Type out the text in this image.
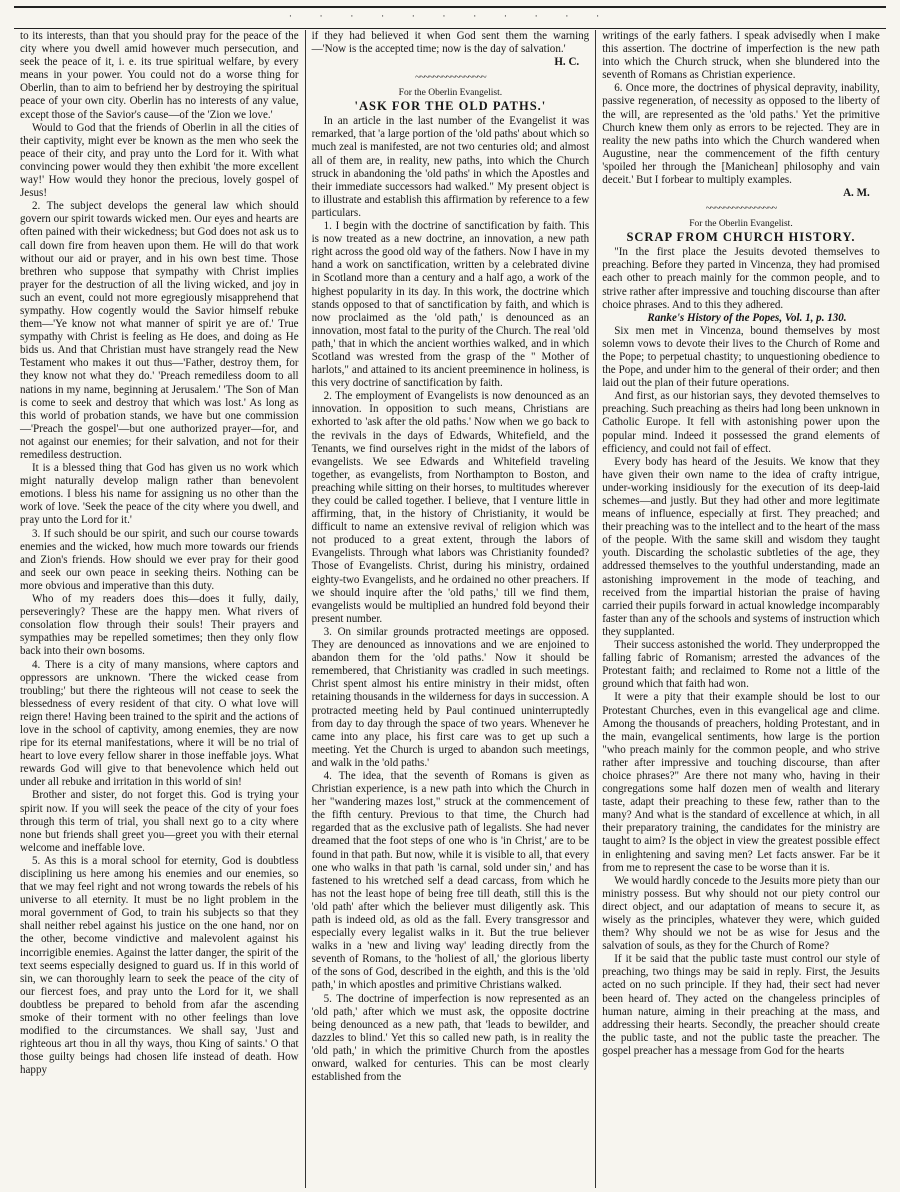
· · · · · · · · · · ·

to its interests, than that you should pray for the peace of the city where you dwell amid however much persecution, and seek the peace of it, i. e. its true spiritual welfare, by every means in your power. You could not do a worse thing for Oberlin, than to aim to befriend her by destroying the spiritual peace of your own city. Oberlin has no interests of any value, except those of the Savior's cause—of the 'Zion we love.'

Would to God that the friends of Oberlin in all the cities of their captivity, might ever be known as the men who seek the peace of their city, and pray unto the Lord for it. With what convincing power would they then exhibit 'the more excellent way!' How would they honor the precious, lovely gospel of Jesus!

2. The subject develops the general law which should govern our spirit towards wicked men. Our eyes and hearts are often pained with their wickedness; but God does not ask us to call down fire from heaven upon them. He will do that work without our aid or prayer, and in his own best time. Those brethren who suppose that sympathy with Christ implies prayer for the destruction of all the living wicked, and joy in such an event, could not more egregiously misapprehend that sympathy. How cogently would the Savior himself rebuke them—'Ye know not what manner of spirit ye are of.' True sympathy with Christ is feeling as He does, and doing as He bids us. And that Christian must have strangely read the New Testament who makes it out thus—'Father, destroy them, for they know not what they do.' 'Preach remediless doom to all nations in my name, beginning at Jerusalem.' 'The Son of Man is come to seek and destroy that which was lost.' As long as this world of probation stands, we have but one commission—'Preach the gospel'—but one authorized prayer—for, and not against our enemies; for their salvation, and not for their remediless destruction.

It is a blessed thing that God has given us no work which might naturally develop malign rather than benevolent emotions. I bless his name for assigning us no other than the work of love. 'Seek the peace of the city where you dwell, and pray unto the Lord for it.'

3. If such should be our spirit, and such our course towards enemies and the wicked, how much more towards our friends and Zion's friends. How should we ever pray for their good and seek our own peace in seeking theirs. Nothing can be more obvious and imperative than this duty.

Who of my readers does this—does it fully, daily, perseveringly? These are the happy men. What rivers of consolation flow through their souls! Their prayers and sympathies may be repelled sometimes; then they only flow back into their own bosoms.

4. There is a city of many mansions, where captors and oppressors are unknown. 'There the wicked cease from troubling;' but there the righteous will not cease to seek the blessedness of every resident of that city. O what love will reign there! Having been trained to the spirit and the actions of love in the school of captivity, among enemies, they are now ripe for its eternal manifestations, where it will be no trial of heart to love every fellow sharer in those ineffable joys. What rewards God will give to that benevolence which held out under all rebuke and irritation in this world of sin!

Brother and sister, do not forget this. God is trying your spirit now. If you will seek the peace of the city of your foes through this term of trial, you shall next go to a city where none but friends shall greet you—greet you with their eternal welcome and ineffable love.

5. As this is a moral school for eternity, God is doubtless disciplining us here among his enemies and our enemies, so that we may feel right and not wrong towards the rebels of his universe to all eternity. It must be no light problem in the moral government of God, to train his subjects so that they shall neither rebel against his justice on the one hand, nor on the other, become vindictive and malevolent against his incorrigible enemies. Against the latter danger, the spirit of the text seems especially designed to guard us. If in this world of sin, we can thoroughly learn to seek the peace of the city of our fiercest foes, and pray unto the Lord for it, we shall doubtless be prepared to behold from afar the ascending smoke of their torment with no other feelings than love modified to the circumstances. We shall say, 'Just and righteous art thou in all thy ways, thou King of saints.' O that those guilty beings had chosen life instead of death. How happy

if they had believed it when God sent them the warning—'Now is the accepted time; now is the day of salvation.'

H. C.
~~~~~~~~~~~~~~~~
For the Oberlin Evangelist.
'ASK FOR THE OLD PATHS.'

In an article in the last number of the Evangelist it was remarked, that 'a large portion of the 'old paths' about which so much zeal is manifested, are not two centuries old; and almost all of them are, in reality, new paths, into which the Church struck in abandoning the 'old paths' in which the Apostles and their immediate successors had walked." My present object is to illustrate and establish this affirmation by reference to a few particulars.

1. I begin with the doctrine of sanctification by faith. This is now treated as a new doctrine, an innovation, a new path right across the good old way of the fathers. Now I have in my hand a work on sanctification, written by a celebrated divine in Scotland more than a century and a half ago, a work of the highest popularity in its day. In this work, the doctrine which stands opposed to that of sanctification by faith, and which is now proclaimed as the 'old path,' is denounced as an innovation, most fatal to the purity of the Church. The real 'old path,' that in which the ancient worthies walked, and in which Scotland was wrested from the grasp of the " Mother of harlots," and attained to its ancient preeminence in holiness, is this very doctrine of sanctification by faith.

2. The employment of Evangelists is now denounced as an innovation. In opposition to such means, Christians are exhorted to 'ask after the old paths.' Now when we go back to the revivals in the days of Edwards, Whitefield, and the Tenants, we find ourselves right in the midst of the labors of evangelists. We see Edwards and Whitefield traveling together, as evangelists, from Northampton to Boston, and preaching while sitting on their horses, to multitudes wherever they could be called together. I believe, that I venture little in affirming, that, in the history of Christianity, it would be difficult to name an extensive revival of religion which was not produced to a great extent, through the labors of Evangelists. Through what labors was Christianity founded? Those of Evangelists. Christ, during his ministry, ordained eighty-two Evangelists, and he ordained no other preachers. If we should inquire after the 'old paths,' till we find them, evangelists would be multiplied an hundred fold beyond their present number.

3. On similar grounds protracted meetings are opposed. They are denounced as innovations and we are enjoined to abandon them for the 'old paths.' Now it should be remembered, that Christianity was cradled in such meetings. Christ spent almost his entire ministry in their midst, often retaining thousands in the wilderness for days in succession. A protracted meeting held by Paul continued uninterruptedly from day to day through the space of two years. Whenever he came into any place, his first care was to get up such a meeting. Yet the Church is urged to abandon such meetings, and walk in the 'old paths.'

4. The idea, that the seventh of Romans is given as Christian experience, is a new path into which the Church in her "wandering mazes lost," struck at the commencement of the fifth century. Previous to that time, the Church had regarded that as the exclusive path of legalists. She had never dreamed that the foot steps of one who is 'in Christ,' are to be found in that path. But now, while it is visible to all, that every one who walks in that path 'is carnal, sold under sin,' and has fastened to his wretched self a dead carcass, from which he has not the least hope of being free till death, still this is the 'old path' after which the believer must diligently ask. This path is indeed old, as old as the fall. Every transgressor and especially every legalist walks in it. But the true believer walks in a 'new and living way' leading directly from the seventh of Romans, to the 'holiest of all,' the glorious liberty of the sons of God, described in the eighth, and this is the 'old path,' in which apostles and primitive Christians walked.

5. The doctrine of imperfection is now represented as an 'old path,' after which we must ask, the opposite doctrine being denounced as a new path, that 'leads to bewilder, and dazzles to blind.' Yet this so called new path, is in reality the 'old path,' in which the primitive Church from the apostles onward, walked for centuries. This can be most clearly established from the

writings of the early fathers. I speak advisedly when I make this assertion. The doctrine of imperfection is the new path into which the Church struck, when she blundered into the seventh of Romans as Christian experience.

6. Once more, the doctrines of physical depravity, inability, passive regeneration, of necessity as opposed to the liberty of the will, are represented as the 'old paths.' Yet the primitive Church knew them only as errors to be rejected. They are in reality the new paths into which the Church wandered when Augustine, near the commencement of the fifth century 'spoiled her through the [Manichean] philosophy and vain deceit.' But I forbear to multiply examples.

A. M.
~~~~~~~~~~~~~~~~
For the Oberlin Evangelist.
SCRAP FROM CHURCH HISTORY.

"In the first place the Jesuits devoted themselves to preaching. Before they parted in Vincenza, they had promised each other to preach mainly for the common people, and to strive rather after impressive and touching discourse than after choice phrases. And to this they adhered.

Ranke's History of the Popes, Vol. 1, p. 130.

Six men met in Vincenza, bound themselves by most solemn vows to devote their lives to the Church of Rome and the Pope; to perpetual chastity; to unquestioning obedience to the Pope, and under him to the general of their order; and then laid out the plan of their future operations.

And first, as our historian says, they devoted themselves to preaching. Such preaching as theirs had long been unknown in Catholic Europe. It fell with astonishing power upon the popular mind. Indeed it possessed the grand elements of efficiency, and could not fail of effect.

Every body has heard of the Jesuits. We know that they have given their own name to the idea of crafty intrigue, under-working insidiously for the execution of its deep-laid schemes—and justly. But they had other and more legitimate means of influence, especially at first. They preached; and their preaching was to the intellect and to the heart of the mass of the people. With the same skill and wisdom they taught youth. Discarding the scholastic subtleties of the age, they addressed themselves to the youthful understanding, made an astonishing improvement in the mode of teaching, and received from the impartial historian the praise of having carried their pupils forward in actual knowledge incomparably faster than any of the schools and systems of instruction which they supplanted.

Their success astonished the world. They underpropped the falling fabric of Romanism; arrested the advances of the Protestant faith; and reclaimed to Rome not a little of the ground which that faith had won.

It were a pity that their example should be lost to our Protestant Churches, even in this evangelical age and clime. Among the thousands of preachers, holding Protestant, and in the main, evangelical sentiments, how large is the portion "who preach mainly for the common people, and who strive rather after impressive and touching discourse, than after choice phrases?" Are there not many who, having in their congregations some half dozen men of wealth and literary taste, adapt their preaching to these few, rather than to the many? And what is the standard of excellence at which, in all their preparatory training, the candidates for the ministry are taught to aim? Is the object in view the greatest possible effect in enlightening and saving men? Let facts answer. Far be it from me to represent the case to be worse than it is.

We would hardly concede to the Jesuits more piety than our ministry possess. But why should not our piety control our direct object, and our adaptation of means to secure it, as wisely as the principles, whatever they were, which guided them? Why should we not be as wise for Jesus and the salvation of souls, as they for the Church of Rome?

If it be said that the public taste must control our style of preaching, two things may be said in reply. First, the Jesuits acted on no such principle. If they had, their sect had never been heard of. They acted on the changeless principles of human nature, aiming in their preaching at the mass, and addressing their hearts. Secondly, the preacher should create the public taste, and not the public taste the preacher. The gospel preacher has a message from God for the hearts
